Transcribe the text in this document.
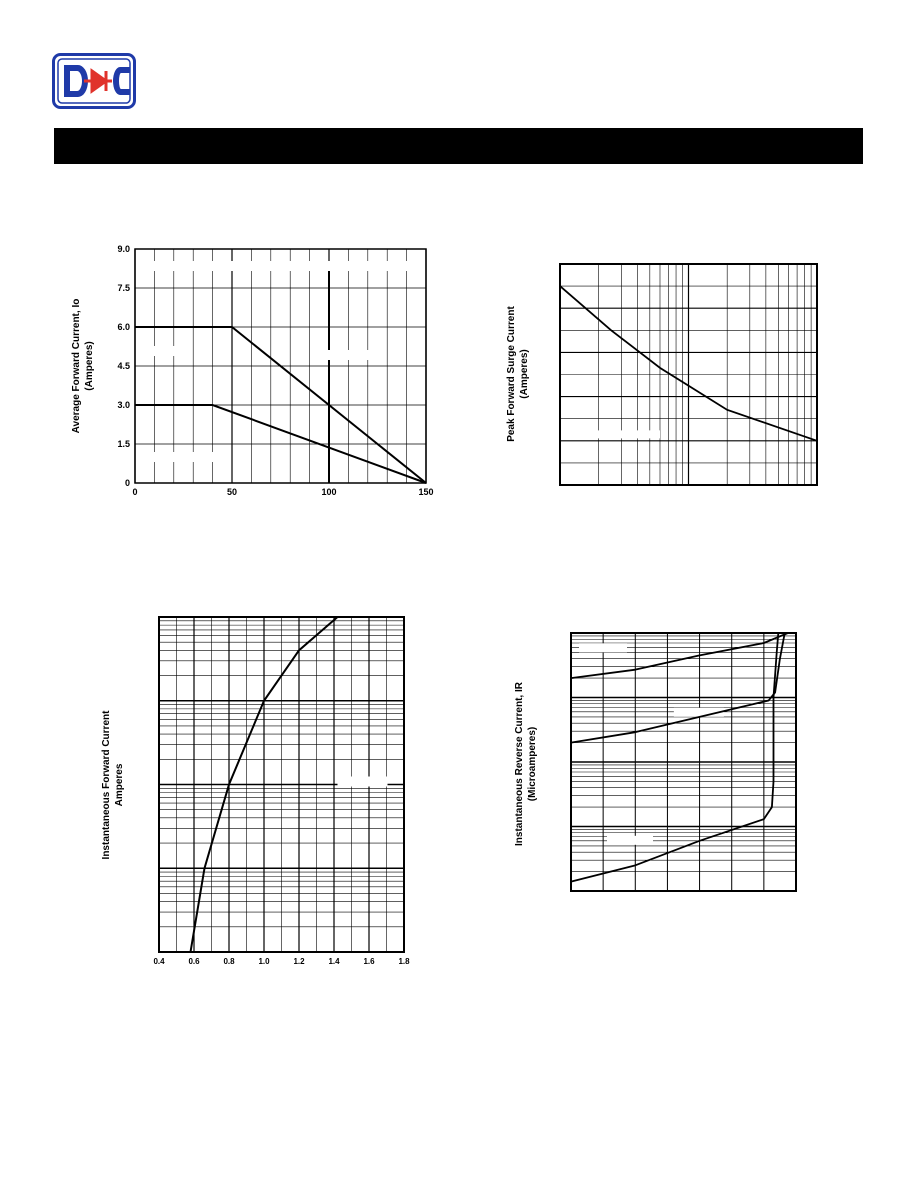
0	50	100	150
0
1.5
3.0
4.5
6.0
7.5
9.0
Average Forward Current, Io (Amperes)	Peak Forward Surge Current (Amperes)
0.4	0.6	0.8	1.0	1.2	1.4	1.6	1.8
Instantaneous Forward Current Amperes	Instantaneous Reverse Current, IR (Microamperes)
